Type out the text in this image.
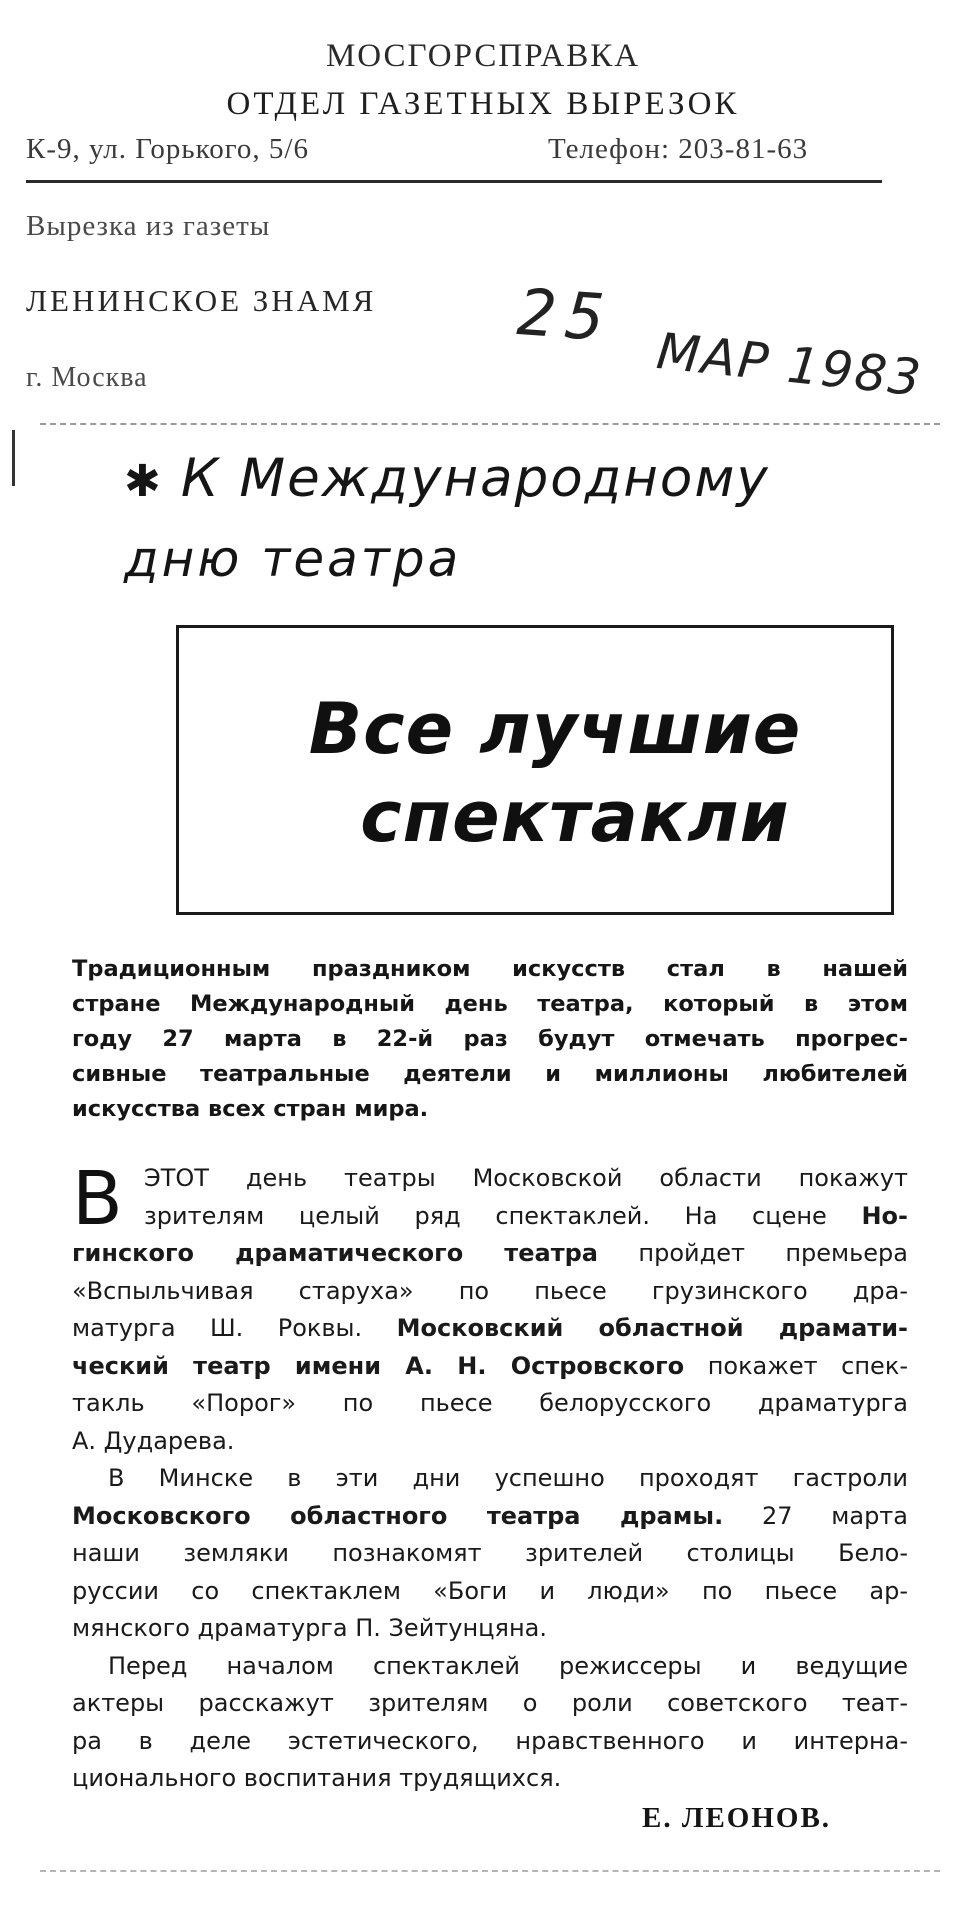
МОСГОРСПРАВКА
ОТДЕЛ ГАЗЕТНЫХ ВЫРЕЗОК
К-9, ул. Горького, 5/6	Телефон: 203-81-63
Вырезка из газеты
ЛЕНИНСКОЕ ЗНАМЯ
г. Москва
25
МАР 1983
✱ К Международному
дню театра
Все лучшие
спектакли
Традиционным праздником искусств стал в нашей
стране Международный день театра, который в этом
году 27 марта в 22-й раз будут отмечать прогрес-
сивные театральные деятели и миллионы любителей
искусства всех стран мира.
В ЭТОТ день театры Московской области покажут
зрителям целый ряд спектаклей. На сцене Но-
гинского драматического театра пройдет премьера
«Вспыльчивая старуха» по пьесе грузинского дра-
матурга Ш. Роквы. Московский областной драмати-
ческий театр имени А. Н. Островского покажет спек-
такль «Порог» по пьесе белорусского драматурга
А. Дударева.
В Минске в эти дни успешно проходят гастроли
Московского областного театра драмы. 27 марта
наши земляки познакомят зрителей столицы Бело-
руссии со спектаклем «Боги и люди» по пьесе ар-
мянского драматурга П. Зейтунцяна.
Перед началом спектаклей режиссеры и ведущие
актеры расскажут зрителям о роли советского теат-
ра в деле эстетического, нравственного и интерна-
ционального воспитания трудящихся.
Е. ЛЕОНОВ.
